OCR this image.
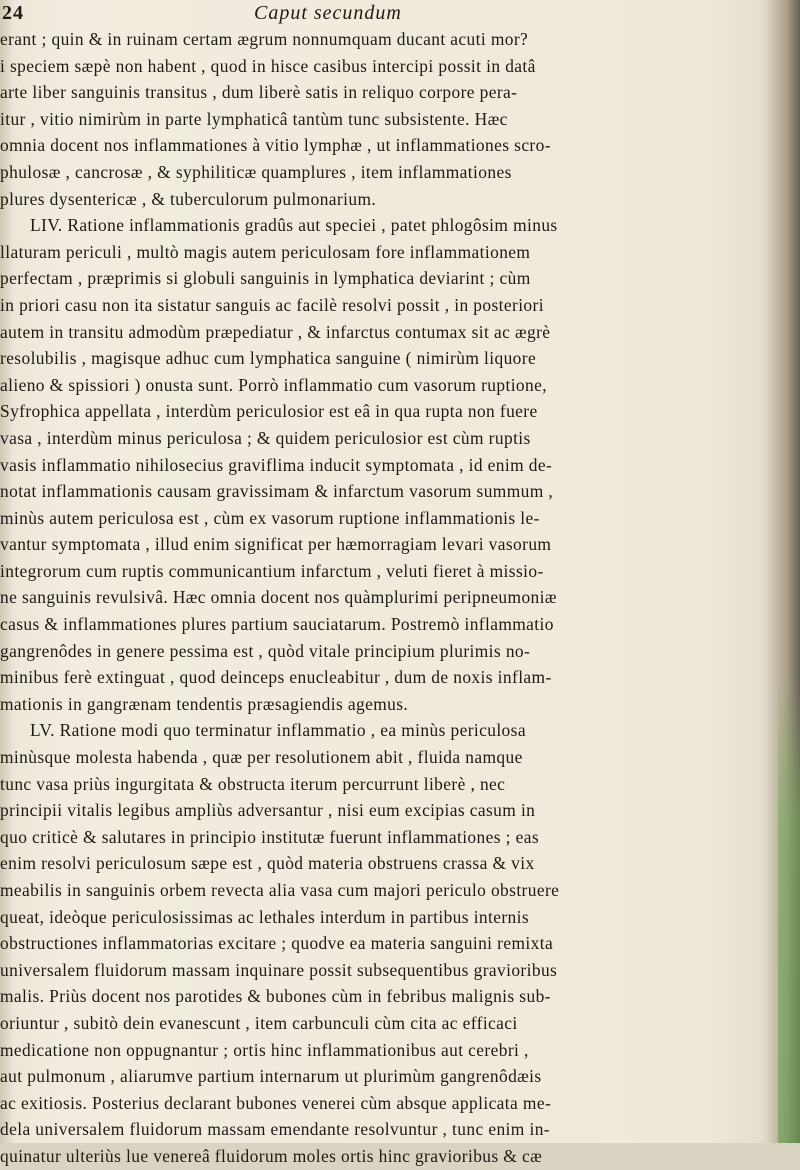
24	Caput secundum
erant ; quin & in ruinam certam ægrum nonnumquam ducant acuti mor?
i speciem sæpè non habent , quod in hisce casibus intercipi possit in datâ
arte liber sanguinis transitus , dum liberè satis in reliquo corpore pera-
itur , vitio nimirùm in parte lymphaticâ tantùm tunc subsistente. Hæc
omnia docent nos inflammationes à vitio lymphæ , ut inflammationes scro-
phulosæ , cancrosæ , & syphiliticæ quamplures , item inflammationes
plures dysentericæ , & tuberculorum pulmonarium.
LIV. Ratione inflammationis gradûs aut speciei , patet phlogôsim minus
llaturam periculi , multò magis autem periculosam fore inflammationem
perfectam , præprimis si globuli sanguinis in lymphatica deviarint ; cùm
in priori casu non ita sistatur sanguis ac facilè resolvi possit , in posteriori
autem in transitu admodùm præpediatur , & infarctus contumax sit ac ægrè
resolubilis , magisque adhuc cum lymphatica sanguine ( nimirùm liquore
alieno & spissiori ) onusta sunt. Porrò inflammatio cum vasorum ruptione,
Syfrophica appellata , interdùm periculosior est eâ in qua rupta non fuere
vasa , interdùm minus periculosa ; & quidem periculosior est cùm ruptis
vasis inflammatio nihilosecius graviflima inducit symptomata , id enim de-
notat inflammationis causam gravissimam & infarctum vasorum summum ,
minùs autem periculosa est , cùm ex vasorum ruptione inflammationis le-
vantur symptomata , illud enim significat per hæmorragiam levari vasorum
integrorum cum ruptis communicantium infarctum , veluti fieret à missio-
ne sanguinis revulsivâ. Hæc omnia docent nos quàmplurimi peripneumoniæ
casus & inflammationes plures partium sauciatarum. Postremò inflammatio
gangrenôdes in genere pessima est , quòd vitale principium plurimis no-
minibus ferè extinguat , quod deinceps enucleabitur , dum de noxis inflam-
mationis in gangrænam tendentis præsagiendis agemus.
LV. Ratione modi quo terminatur inflammatio , ea minùs periculosa
minùsque molesta habenda , quæ per resolutionem abit , fluida namque
tunc vasa priùs ingurgitata & obstructa iterum percurrunt liberè , nec
principii vitalis legibus ampliùs adversantur , nisi eum excipias casum in
quo criticè & salutares in principio institutæ fuerunt inflammationes ; eas
enim resolvi periculosum sæpe est , quòd materia obstruens crassa & vix
meabilis in sanguinis orbem revecta alia vasa cum majori periculo obstruere
queat, ideòque periculosissimas ac lethales interdum in partibus internis
obstructiones inflammatorias excitare ; quodve ea materia sanguini remixta
universalem fluidorum massam inquinare possit subsequentibus gravioribus
malis. Priùs docent nos parotides & bubones cùm in febribus malignis sub-
oriuntur , subitò dein evanescunt , item carbunculi cùm cita ac efficaci
medicatione non oppugnantur ; ortis hinc inflammationibus aut cerebri ,
aut pulmonum , aliarumve partium internarum ut plurimùm gangrenôdæis
ac exitiosis. Posterius declarant bubones venerei cùm absque applicata me-
dela universalem fluidorum massam emendante resolvuntur , tunc enim in-
quinatur ulteriùs lue venereâ fluidorum moles ortis hinc gravioribus & cæ
